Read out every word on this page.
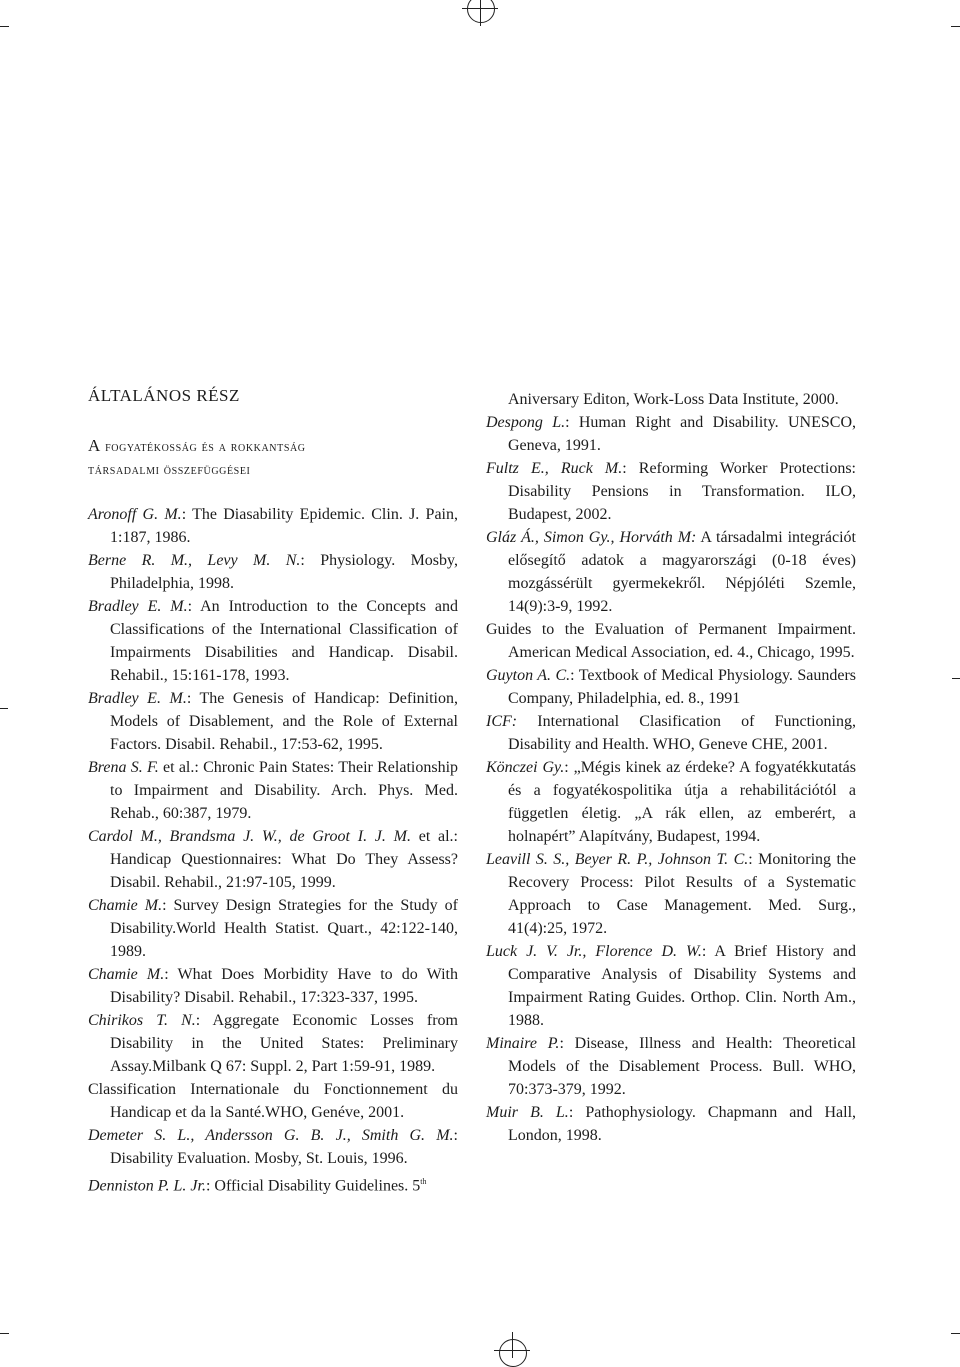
ÁLTALÁNOS RÉSZ
A fogyatékosság és a rokkantság
társadalmi összefüggései

Aronoff G. M.: The Diasability Epidemic. Clin. J. Pain, 1:187, 1986.

Berne R. M., Levy M. N.: Physiology. Mosby, Philadelphia, 1998.

Bradley E. M.: An Introduction to the Concepts and Classifications of the International Classification of Impairments Disabilities and Handicap. Disabil. Rehabil., 15:161-178, 1993.

Bradley E. M.: The Genesis of Handicap: Definition, Models of Disablement, and the Role of External Factors. Disabil. Rehabil., 17:53-62, 1995.

Brena S. F. et al.: Chronic Pain States: Their Relationship to Impairment and Disability. Arch. Phys. Med. Rehab., 60:387, 1979.

Cardol M., Brandsma J. W., de Groot I. J. M. et al.: Handicap Questionnaires: What Do They Assess? Disabil. Rehabil., 21:97-105, 1999.

Chamie M.: Survey Design Strategies for the Study of Disability.World Health Statist. Quart., 42:122-140, 1989.

Chamie M.: What Does Morbidity Have to do With Disability? Disabil. Rehabil., 17:323-337, 1995.

Chirikos T. N.: Aggregate Economic Losses from Disability in the United States: Preliminary Assay.Milbank Q 67: Suppl. 2, Part 1:59-91, 1989.

Classification Internationale du Fonctionnement du Handicap et da la Santé.WHO, Genéve, 2001.

Demeter S. L., Andersson G. B. J., Smith G. M.: Disability Evaluation. Mosby, St. Louis, 1996.

Denniston P. L. Jr.: Official Disability Guidelines. 5th

Aniversary Editon, Work-Loss Data Institute, 2000.

Despong L.: Human Right and Disability. UNESCO, Geneva, 1991.

Fultz E., Ruck M.: Reforming Worker Protections: Disability Pensions in Transformation. ILO, Budapest, 2002.

Gláz Á., Simon Gy., Horváth M: A társadalmi integrációt elősegítő adatok a magyarországi (0-18 éves) mozgássérült gyermekekről. Népjóléti Szemle, 14(9):3-9, 1992.

Guides to the Evaluation of Permanent Impairment. American Medical Association, ed. 4., Chicago, 1995.

Guyton A. C.: Textbook of Medical Physiology. Saunders Company, Philadelphia, ed. 8., 1991

ICF: International Clasification of Functioning, Disability and Health. WHO, Geneve CHE, 2001.

Könczei Gy.: „Mégis kinek az érdeke? A fogyatékkutatás és a fogyatékospolitika útja a rehabilitációtól a független életig. „A rák ellen, az emberért, a holnapért” Alapítvány, Budapest, 1994.

Leavill S. S., Beyer R. P., Johnson T. C.: Monitoring the Recovery Process: Pilot Results of a Systematic Approach to Case Management. Med. Surg., 41(4):25, 1972.

Luck J. V. Jr., Florence D. W.: A Brief History and Comparative Analysis of Disability Systems and Impairment Rating Guides. Orthop. Clin. North Am., 1988.

Minaire P.: Disease, Illness and Health: Theoretical Models of the Disablement Process. Bull. WHO, 70:373-379, 1992.

Muir B. L.: Pathophysiology. Chapmann and Hall, London, 1998.
